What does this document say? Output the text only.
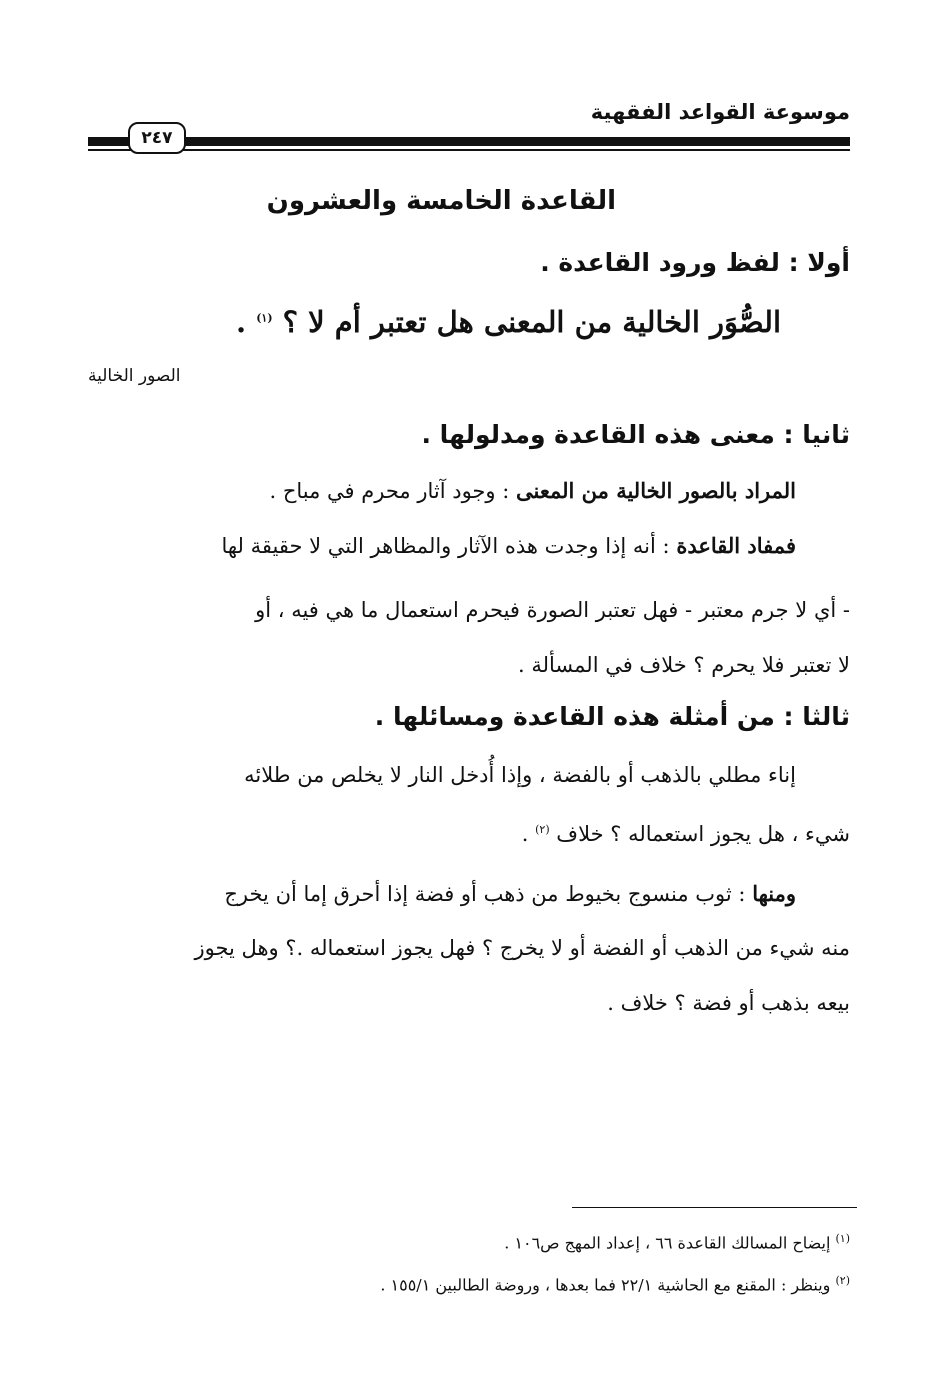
موسوعة القواعد الفقهية
٢٤٧
القاعدة الخامسة والعشرون
أولا : لفظ ورود القاعدة .
الصُّوَر الخالية من المعنى هل تعتبر أم لا ؟ $^{(١)}$ .
الصور الخالية
ثانيا : معنى هذه القاعدة ومدلولها .
المراد بالصور الخالية من المعنى : وجود آثار محرم في مباح .
فمفاد القاعدة : أنه إذا وجدت هذه الآثار والمظاهر التي لا حقيقة لها
- أي لا جرم معتبر - فهل تعتبر الصورة فيحرم استعمال ما هي فيه ، أو
لا تعتبر فلا يحرم ؟ خلاف في المسألة .
ثالثا : من أمثلة هذه القاعدة ومسائلها .
إناء مطلي بالذهب أو بالفضة ، وإذا أُدخل النار لا يخلص من طلائه
شيء ، هل يجوز استعماله ؟ خلاف $^{(٢)}$ .
ومنها : ثوب منسوج بخيوط من ذهب أو فضة إذا أحرق إما أن يخرج
منه شيء من الذهب أو الفضة أو لا يخرج ؟ فهل يجوز استعماله .؟ وهل يجوز
بيعه بذهب أو فضة ؟ خلاف .
$^{(١)}$ إيضاح المسالك القاعدة ٦٦ ، إعداد المهج ص١٠٦ .
$^{(٢)}$ وينظر : المقنع مع الحاشية ٢٢/١ فما بعدها ، وروضة الطالبين ١٥٥/١ .
